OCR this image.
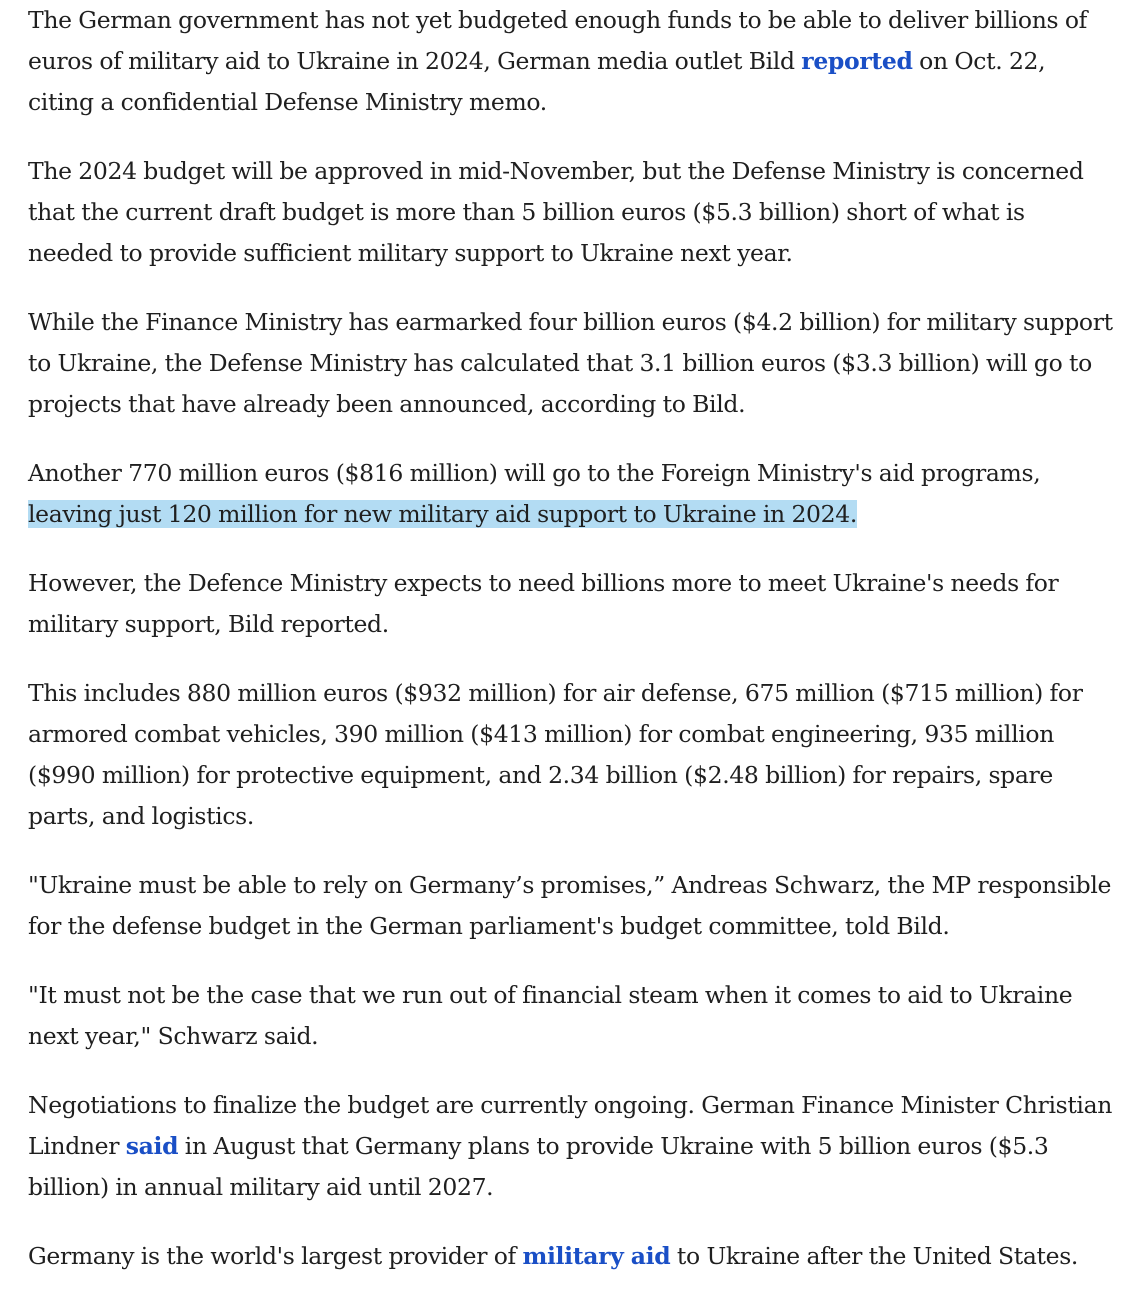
The German government has not yet budgeted enough funds to be able to deliver billions of euros of military aid to Ukraine in 2024, German media outlet Bild reported on Oct. 22, citing a confidential Defense Ministry memo.

The 2024 budget will be approved in mid-November, but the Defense Ministry is concerned that the current draft budget is more than 5 billion euros ($5.3 billion) short of what is needed to provide sufficient military support to Ukraine next year.

While the Finance Ministry has earmarked four billion euros ($4.2 billion) for military support to Ukraine, the Defense Ministry has calculated that 3.1 billion euros ($3.3 billion) will go to projects that have already been announced, according to Bild.

Another 770 million euros ($816 million) will go to the Foreign Ministry's aid programs, leaving just 120 million for new military aid support to Ukraine in 2024.

However, the Defence Ministry expects to need billions more to meet Ukraine's needs for military support, Bild reported.

This includes 880 million euros ($932 million) for air defense, 675 million ($715 million) for armored combat vehicles, 390 million ($413 million) for combat engineering, 935 million ($990 million) for protective equipment, and 2.34 billion ($2.48 billion) for repairs, spare parts, and logistics.

"Ukraine must be able to rely on Germany’s promises,” Andreas Schwarz, the MP responsible for the defense budget in the German parliament's budget committee, told Bild.

"It must not be the case that we run out of financial steam when it comes to aid to Ukraine next year," Schwarz said.

Negotiations to finalize the budget are currently ongoing. German Finance Minister Christian Lindner said in August that Germany plans to provide Ukraine with 5 billion euros ($5.3 billion) in annual military aid until 2027.

Germany is the world's largest provider of military aid to Ukraine after the United States.
